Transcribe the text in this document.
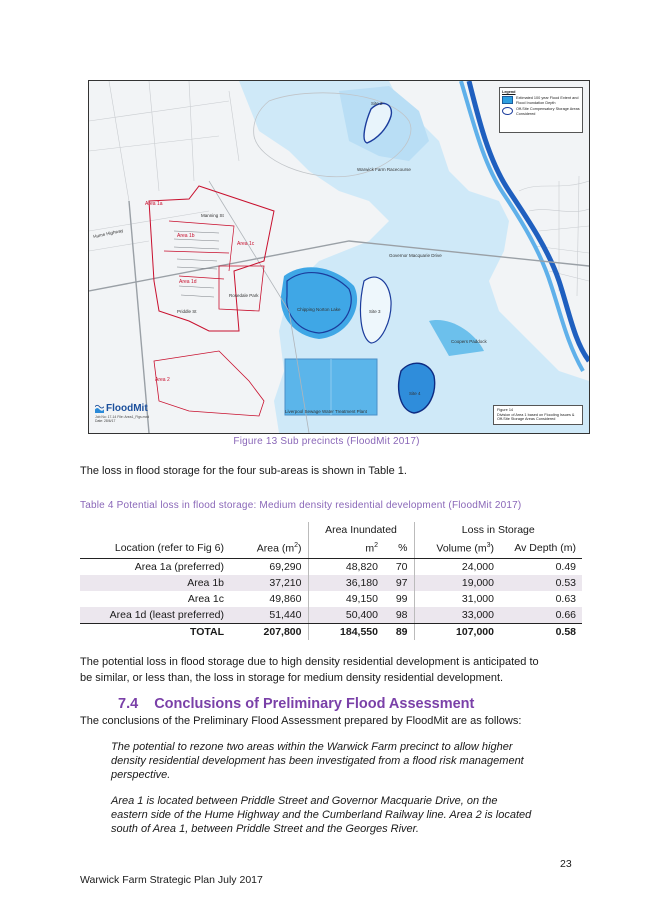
Site 2
Warwick Farm Racecourse
Area 1a
Area 1b
Area 1c
Area 1d
Area 2
Rosedale Park
Chipping Norton Lake	Site 3
Site 4
Coopers Paddock
Liverpool Sewage Water Treatment Plant
Hume Highway
Governor Macquarie Drive
Priddle St
Manning St
Legend
Extimated 100 year Flood Extent and Flood Inundation Depth
Off-Site Compensatory Storage Areas Considered
Figure 14
Division of Area 1 based on Flooding Issues & Off-Site Storage Areas Considered
FloodMit
Job No: 17-14 File: Area1_Figs.mxd Date: 28/6/17
Figure 13 Sub precincts (FloodMit 2017)
The loss in flood storage for the four sub-areas is shown in Table 1.
Table 4 Potential loss in flood storage: Medium density residential development (FloodMit 2017)
		Area Inundated		Loss in Storage	
Location (refer to Fig 6)	Area $(m^2)$	$m^2$	%	Volume $(m^3)$	Av Depth (m)
Area 1a (preferred)	69,290	48,820	70	24,000	0.49
Area 1b	37,210	36,180	97	19,000	0.53
Area 1c	49,860	49,150	99	31,000	0.63
Area 1d (least preferred)	51,440	50,400	98	33,000	0.66
TOTAL	207,800	184,550	89	107,000	0.58
The potential loss in flood storage due to high density residential development is anticipated to
be similar, or less than, the loss in storage for medium density residential development.
7.4 Conclusions of Preliminary Flood Assessment
The conclusions of the Preliminary Flood Assessment prepared by FloodMit are as follows:
The potential to rezone two areas within the Warwick Farm precinct to allow higher
density residential development has been investigated from a flood risk management
perspective.
Area 1 is located between Priddle Street and Governor Macquarie Drive, on the
eastern side of the Hume Highway and the Cumberland Railway line. Area 2 is located
south of Area 1, between Priddle Street and the Georges River.
23
Warwick Farm Strategic Plan July 2017
